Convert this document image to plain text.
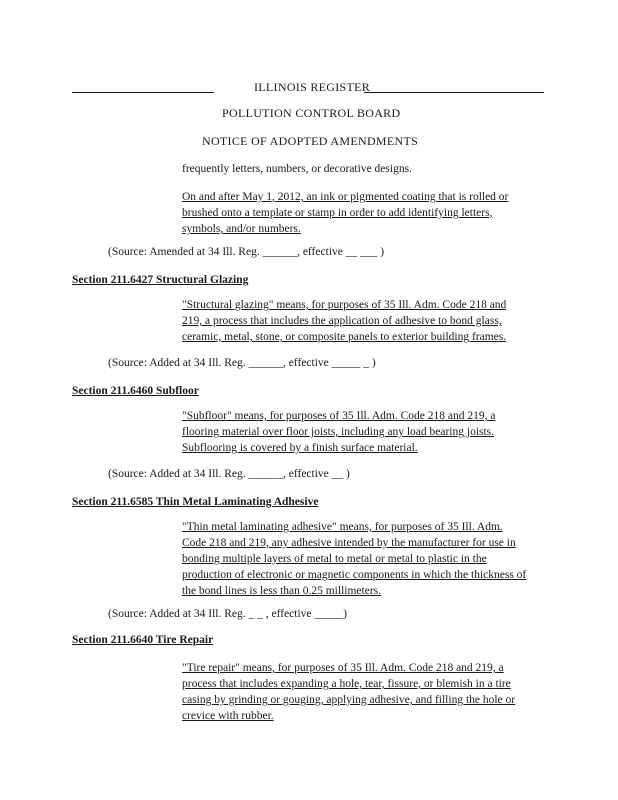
ILLINOIS REGISTER
POLLUTION CONTROL BOARD
NOTICE OF ADOPTED AMENDMENTS
frequently letters, numbers, or decorative designs.
On and after May 1, 2012, an ink or pigmented coating that is rolled or brushed onto a template or stamp in order to add identifying letters, symbols, and/or numbers.
(Source: Amended at 34 Ill. Reg. ______, effective __ ___ )
Section 211.6427 Structural Glazing
"Structural glazing" means, for purposes of 35 Ill. Adm. Code 218 and 219, a process that includes the application of adhesive to bond glass, ceramic, metal, stone, or composite panels to exterior building frames.
(Source: Added at 34 Ill. Reg. ______, effective _____ _ )
Section 211.6460 Subfloor
"Subfloor" means, for purposes of 35 Ill. Adm. Code 218 and 219, a flooring material over floor joists, including any load bearing joists. Subflooring is covered by a finish surface material.
(Source: Added at 34 Ill. Reg. ______, effective __ )
Section 211.6585 Thin Metal Laminating Adhesive
"Thin metal laminating adhesive" means, for purposes of 35 Ill. Adm. Code 218 and 219, any adhesive intended by the manufacturer for use in bonding multiple layers of metal to metal or metal to plastic in the production of electronic or magnetic components in which the thickness of the bond lines is less than 0.25 millimeters.
(Source: Added at 34 Ill. Reg. _ _ , effective _____)
Section 211.6640 Tire Repair
"Tire repair" means, for purposes of 35 Ill. Adm. Code 218 and 219, a process that includes expanding a hole, tear, fissure, or blemish in a tire casing by grinding or gouging, applying adhesive, and filling the hole or crevice with rubber.
